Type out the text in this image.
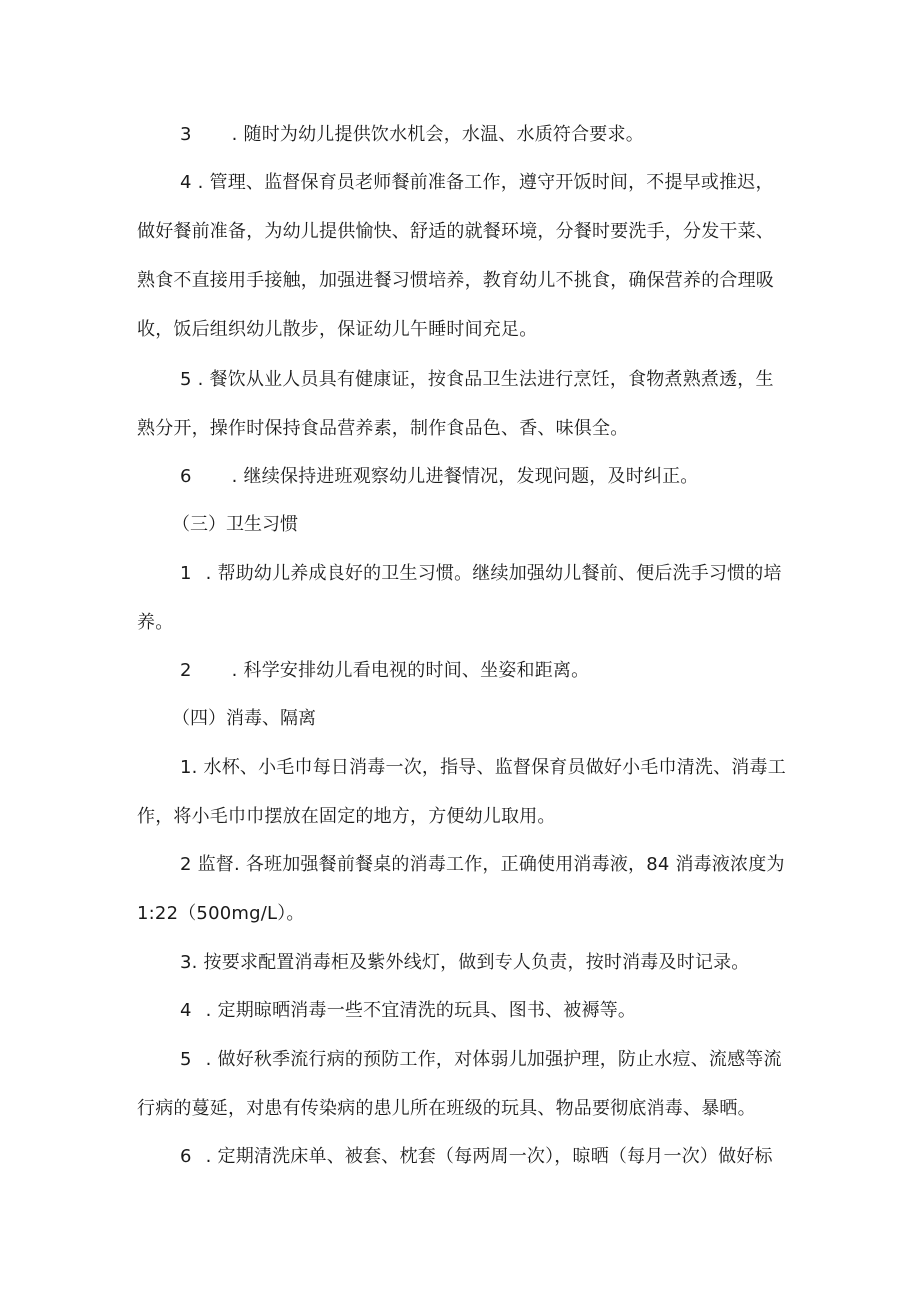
3 . 随时为幼儿提供饮水机会，水温、水质符合要求。

4 . 管理、监督保育员老师餐前准备工作，遵守开饭时间，不提早或推迟，做好餐前准备，为幼儿提供愉快、舒适的就餐环境，分餐时要洗手，分发干菜、熟食不直接用手接触，加强进餐习惯培养，教育幼儿不挑食，确保营养的合理吸收，饭后组织幼儿散步，保证幼儿午睡时间充足。

5 . 餐饮从业人员具有健康证，按食品卫生法进行烹饪，食物煮熟煮透，生熟分开，操作时保持食品营养素，制作食品色、香、味俱全。

6 . 继续保持进班观察幼儿进餐情况，发现问题，及时纠正。

（三）卫生习惯

1 . 帮助幼儿养成良好的卫生习惯。继续加强幼儿餐前、便后洗手习惯的培养。

2 . 科学安排幼儿看电视的时间、坐姿和距离。

（四）消毒、隔离

1. 水杯、小毛巾每日消毒一次，指导、监督保育员做好小毛巾清洗、消毒工作，将小毛巾巾摆放在固定的地方，方便幼儿取用。

2 监督. 各班加强餐前餐桌的消毒工作，正确使用消毒液，84 消毒液浓度为 1:22（500mg/L）。

3. 按要求配置消毒柜及紫外线灯，做到专人负责，按时消毒及时记录。

4 . 定期晾晒消毒一些不宜清洗的玩具、图书、被褥等。

5 . 做好秋季流行病的预防工作，对体弱儿加强护理，防止水痘、流感等流行病的蔓延，对患有传染病的患儿所在班级的玩具、物品要彻底消毒、暴晒。

6 . 定期清洗床单、被套、枕套（每两周一次），晾晒（每月一次）做好标
